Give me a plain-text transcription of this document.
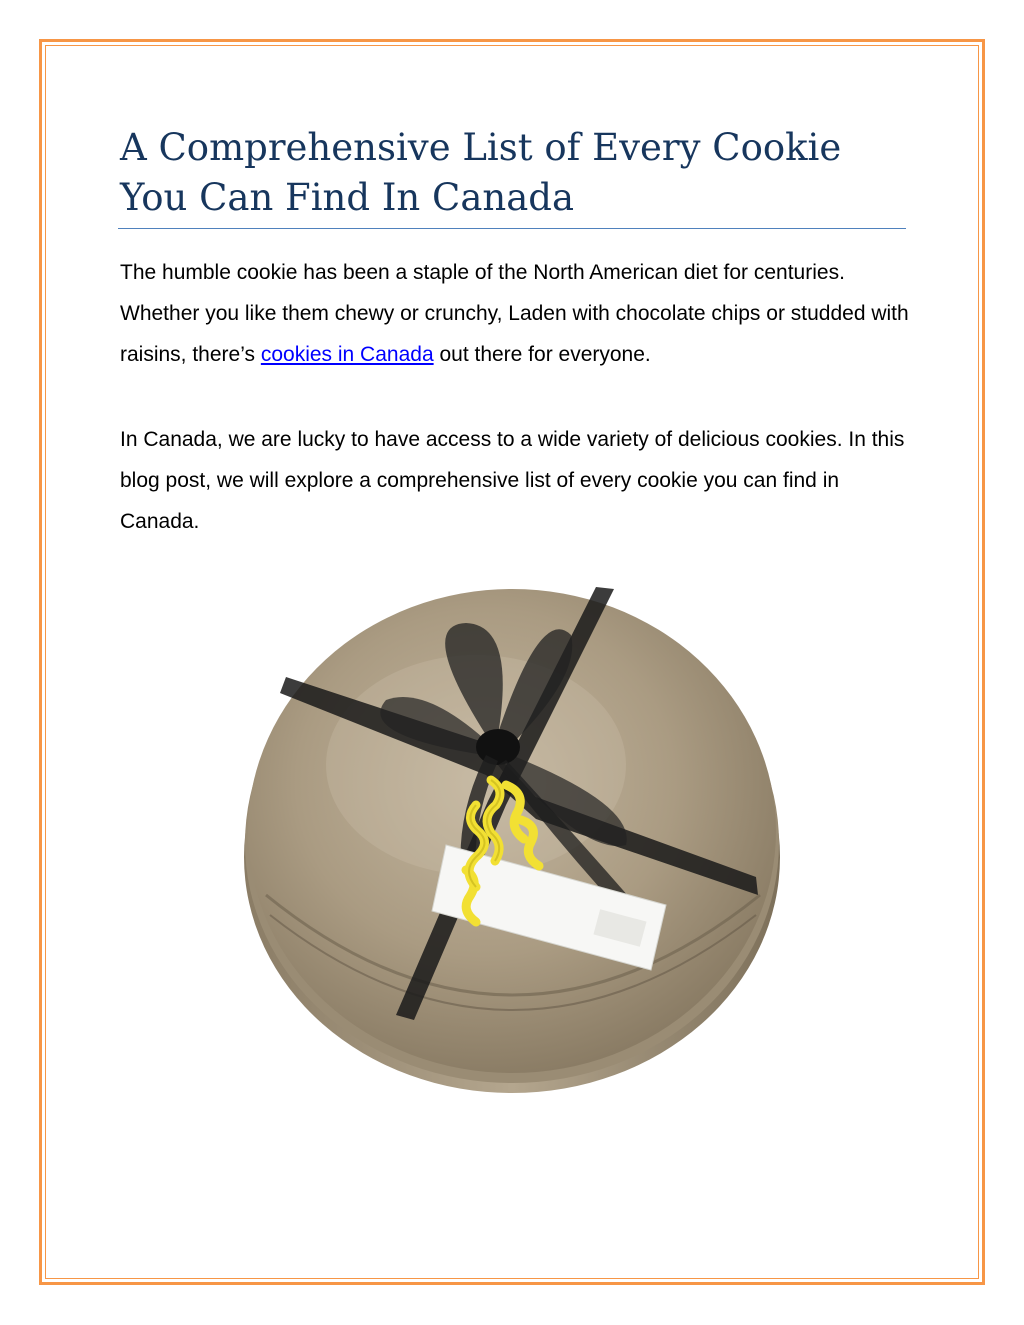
A Comprehensive List of Every Cookie You Can Find In Canada

The humble cookie has been a staple of the North American diet for centuries. Whether you like them chewy or crunchy, Laden with chocolate chips or studded with raisins, there’s cookies in Canada out there for everyone.

In Canada, we are lucky to have access to a wide variety of delicious cookies. In this blog post, we will explore a comprehensive list of every cookie you can find in Canada.
